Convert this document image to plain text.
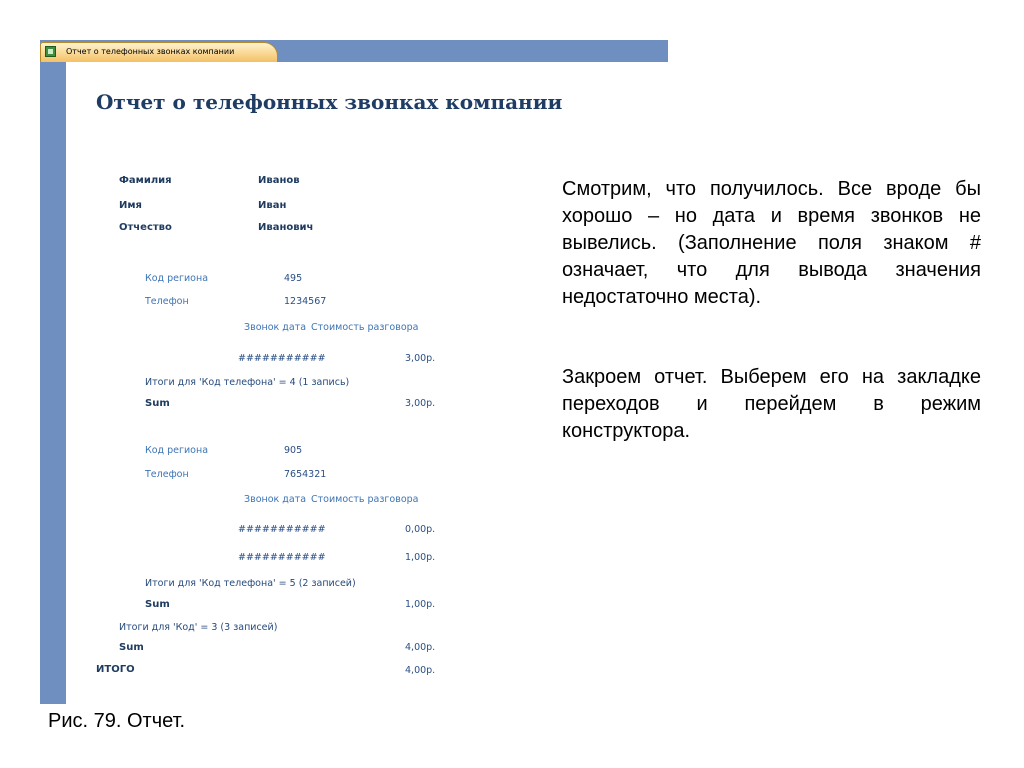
Отчет о телефонных звонках компании
Отчет о телефонных звонках компании
Фамилия	Иванов
Имя	Иван
Отчество	Иванович
Код региона	495
Телефон	1234567
Звонок дата Стоимость разговора
###########	3,00р.
Итоги для 'Код телефона' = 4 (1 запись)
Sum	3,00р.
Код региона	905
Телефон	7654321
Звонок дата Стоимость разговора
###########	0,00р.
###########	1,00р.
Итоги для 'Код телефона' = 5 (2 записей)
Sum	1,00р.
Итоги для 'Код' = 3 (3 записей)
Sum	4,00р.
ИТОГО	4,00р.
Рис. 79. Отчет.

Смотрим, что получилось. Все вроде бы хорошо – но дата и время звонков не вывелись. (Заполнение поля знаком # означает, что для вывода значения недостаточно места).

Закроем отчет. Выберем его на закладке переходов и перейдем в режим конструктора.
